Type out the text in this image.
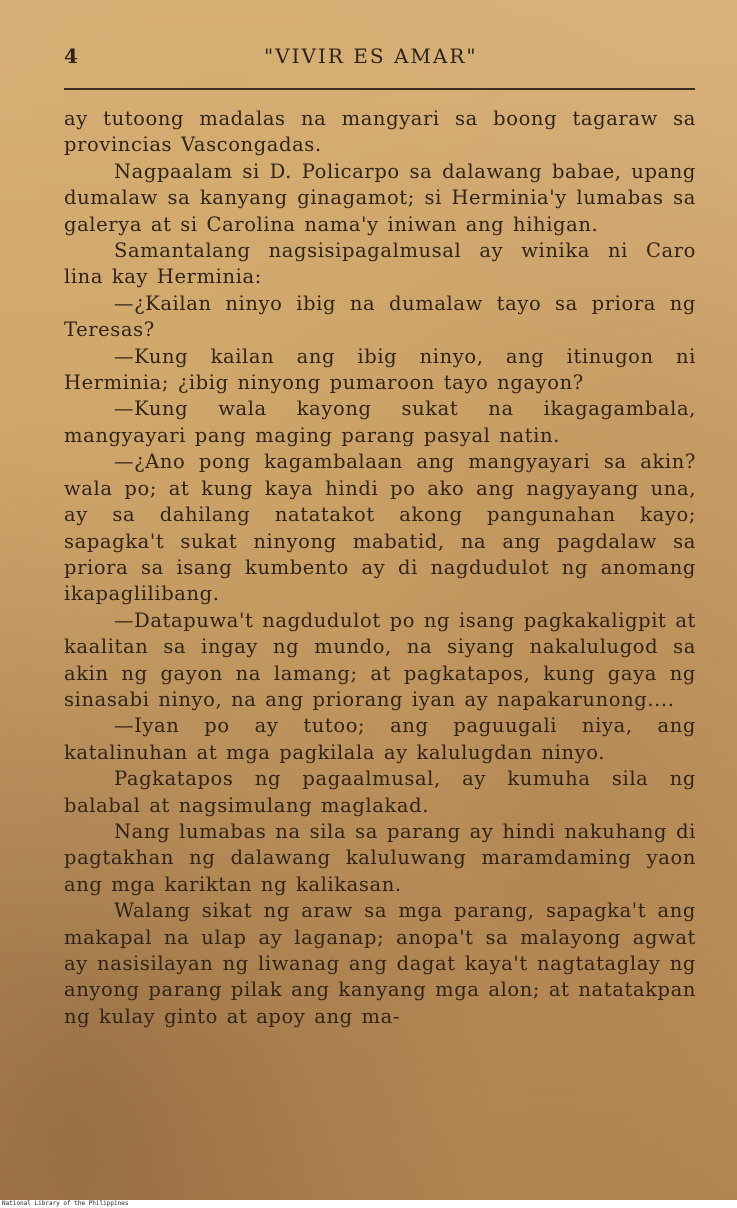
4	"VIVIR ES AMAR"

ay tutoong madalas na mangyari sa boong tagaraw sa provincias Vascongadas.

Nagpaalam si D. Policarpo sa dalawang babae, upang dumalaw sa kanyang ginagamot; si Herminia'y lumabas sa galerya at si Carolina nama'y iniwan ang hihigan.

Samantalang nagsisipagalmusal ay winika ni Caro lina kay Herminia:

—¿Kailan ninyo ibig na dumalaw tayo sa priora ng Teresas?

—Kung kailan ang ibig ninyo, ang itinugon ni Herminia; ¿ibig ninyong pumaroon tayo ngayon?

—Kung wala kayong sukat na ikagagambala, mangyayari pang maging parang pasyal natin.

—¿Ano pong kagambalaan ang mangyayari sa akin? wala po; at kung kaya hindi po ako ang nagyayang una, ay sa dahilang natatakot akong pangunahan kayo; sapagka't sukat ninyong mabatid, na ang pagdalaw sa priora sa isang kumbento ay di nagdudulot ng anomang ikapaglilibang.

—Datapuwa't nagdudulot po ng isang pagkakaligpit at kaalitan sa ingay ng mundo, na siyang nakalulugod sa akin ng gayon na lamang; at pagkatapos, kung gaya ng sinasabi ninyo, na ang priorang iyan ay napakarunong....

—Iyan po ay tutoo; ang paguugali niya, ang katalinuhan at mga pagkilala ay kalulugdan ninyo.

Pagkatapos ng pagaalmusal, ay kumuha sila ng balabal at nagsimulang maglakad.

Nang lumabas na sila sa parang ay hindi nakuhang di pagtakhan ng dalawang kaluluwang maramdaming yaon ang mga kariktan ng kalikasan.

Walang sikat ng araw sa mga parang, sapagka't ang makapal na ulap ay laganap; anopa't sa malayong agwat ay nasisilayan ng liwanag ang dagat kaya't nagtataglay ng anyong parang pilak ang kanyang mga alon; at natatakpan ng kulay ginto at apoy ang ma-

National Library of the Philippines
